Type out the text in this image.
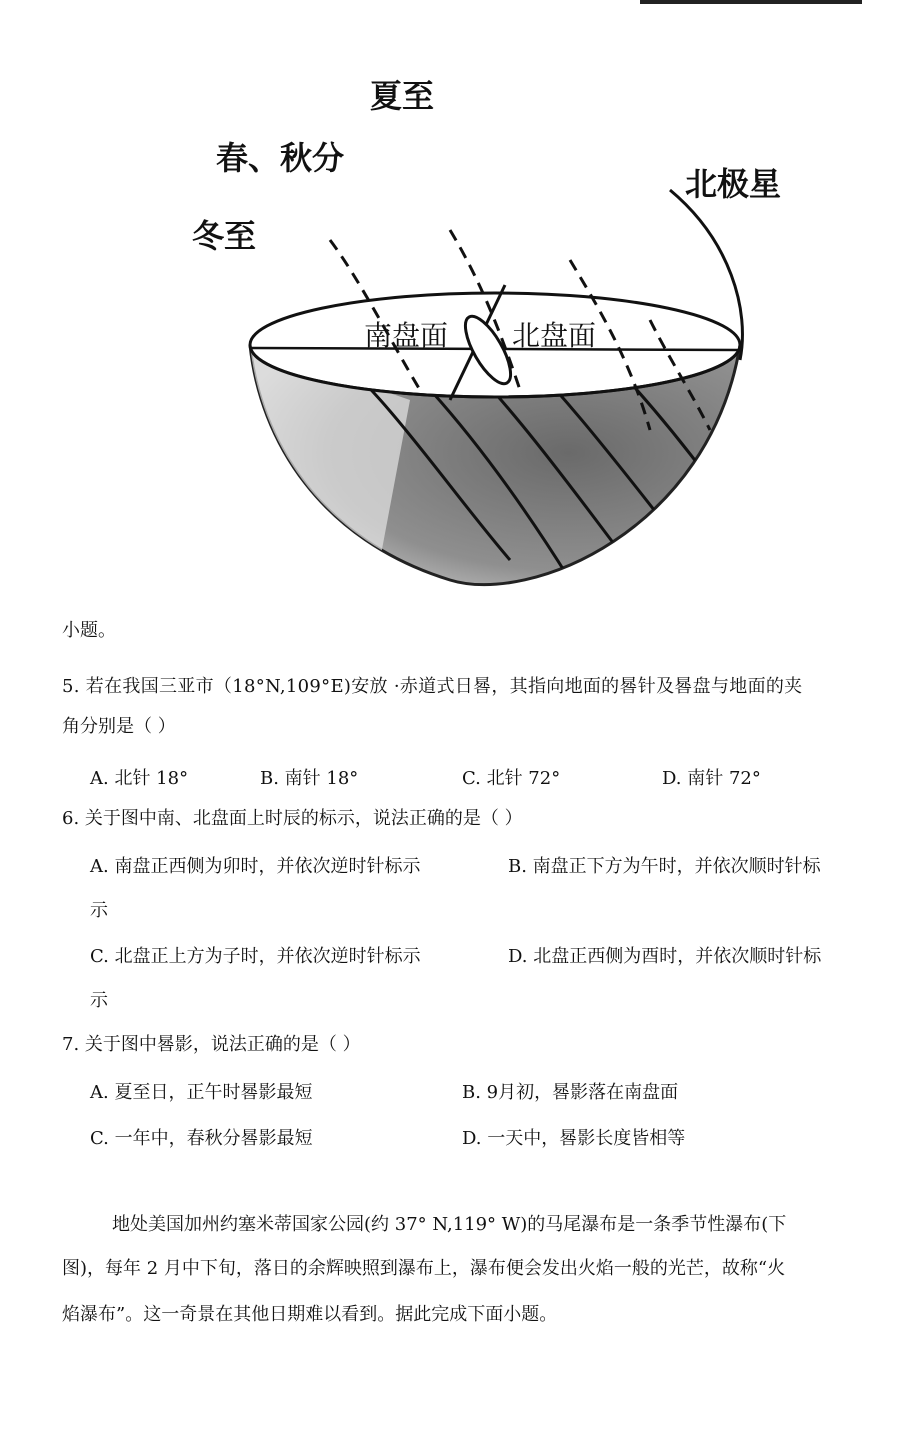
夏至
春、秋分
冬至
北极星
南盘面 北盘面
小题。
5. 若在我国三亚市（18°N,109°E)安放 ·赤道式日晷，其指向地面的晷针及晷盘与地面的夹
角分别是（ ）
A. 北针 18°	B. 南针 18°	C. 北针 72°	D. 南针 72°
6. 关于图中南、北盘面上时辰的标示，说法正确的是（ ）
A. 南盘正西侧为卯时，并依次逆时针标示	B. 南盘正下方为午时，并依次顺时针标
示
C. 北盘正上方为子时，并依次逆时针标示	D. 北盘正西侧为酉时，并依次顺时针标
示
7. 关于图中晷影，说法正确的是（ ）
A. 夏至日，正午时晷影最短	B. 9月初，晷影落在南盘面
C. 一年中，春秋分晷影最短	D. 一天中，晷影长度皆相等
地处美国加州约塞米蒂国家公园(约 37° N,119° W)的马尾瀑布是一条季节性瀑布(下
图)，每年 2 月中下旬，落日的余辉映照到瀑布上，瀑布便会发出火焰一般的光芒，故称“火
焰瀑布”。这一奇景在其他日期难以看到。据此完成下面小题。
